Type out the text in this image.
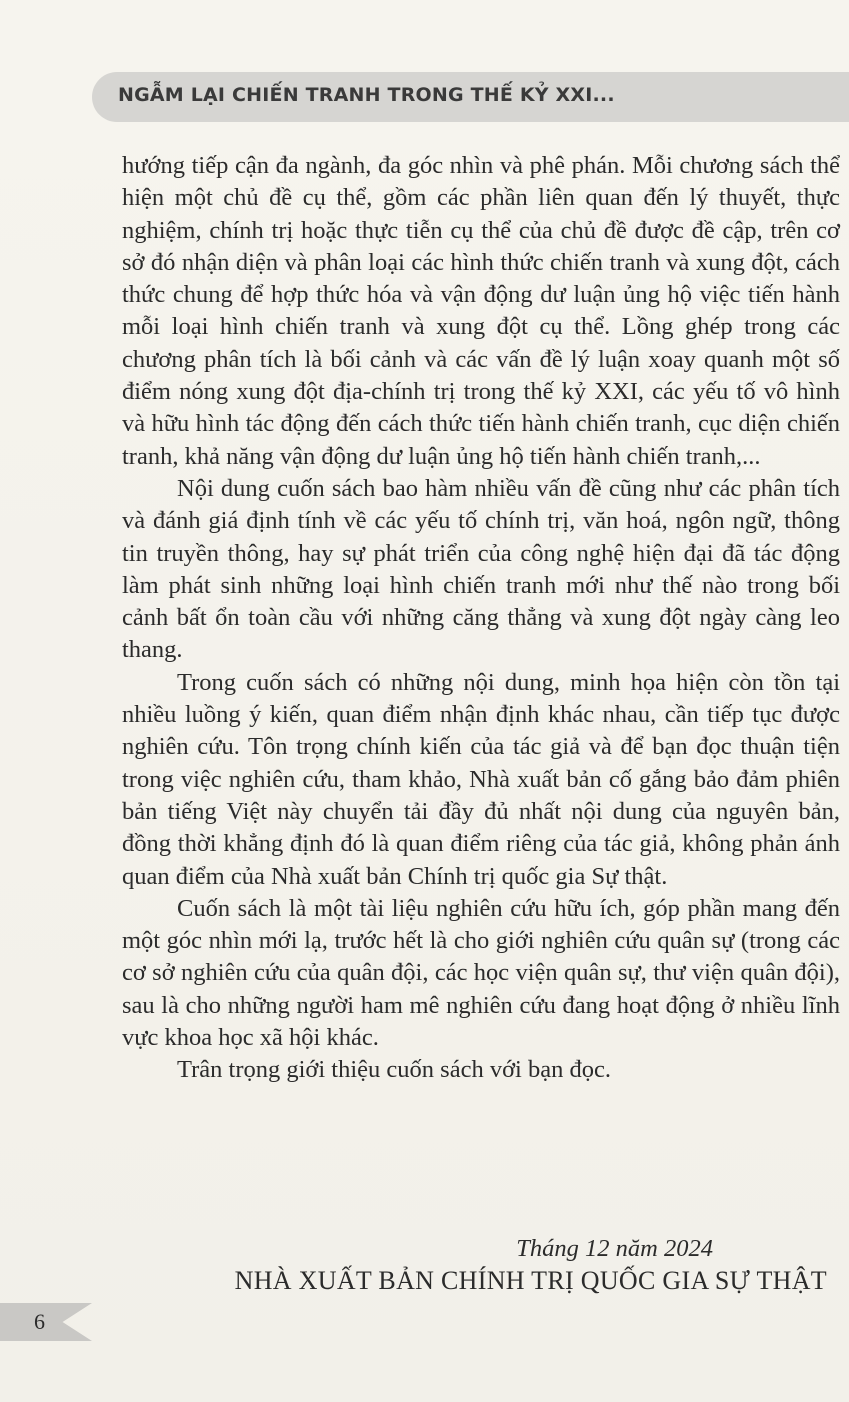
NGẪM LẠI CHIẾN TRANH TRONG THẾ KỶ XXI...

hướng tiếp cận đa ngành, đa góc nhìn và phê phán. Mỗi chương sách thể hiện một chủ đề cụ thể, gồm các phần liên quan đến lý thuyết, thực nghiệm, chính trị hoặc thực tiễn cụ thể của chủ đề được đề cập, trên cơ sở đó nhận diện và phân loại các hình thức chiến tranh và xung đột, cách thức chung để hợp thức hóa và vận động dư luận ủng hộ việc tiến hành mỗi loại hình chiến tranh và xung đột cụ thể. Lồng ghép trong các chương phân tích là bối cảnh và các vấn đề lý luận xoay quanh một số điểm nóng xung đột địa-chính trị trong thế kỷ XXI, các yếu tố vô hình và hữu hình tác động đến cách thức tiến hành chiến tranh, cục diện chiến tranh, khả năng vận động dư luận ủng hộ tiến hành chiến tranh,...

Nội dung cuốn sách bao hàm nhiều vấn đề cũng như các phân tích và đánh giá định tính về các yếu tố chính trị, văn hoá, ngôn ngữ, thông tin truyền thông, hay sự phát triển của công nghệ hiện đại đã tác động làm phát sinh những loại hình chiến tranh mới như thế nào trong bối cảnh bất ổn toàn cầu với những căng thẳng và xung đột ngày càng leo thang.

Trong cuốn sách có những nội dung, minh họa hiện còn tồn tại nhiều luồng ý kiến, quan điểm nhận định khác nhau, cần tiếp tục được nghiên cứu. Tôn trọng chính kiến của tác giả và để bạn đọc thuận tiện trong việc nghiên cứu, tham khảo, Nhà xuất bản cố gắng bảo đảm phiên bản tiếng Việt này chuyển tải đầy đủ nhất nội dung của nguyên bản, đồng thời khẳng định đó là quan điểm riêng của tác giả, không phản ánh quan điểm của Nhà xuất bản Chính trị quốc gia Sự thật.

Cuốn sách là một tài liệu nghiên cứu hữu ích, góp phần mang đến một góc nhìn mới lạ, trước hết là cho giới nghiên cứu quân sự (trong các cơ sở nghiên cứu của quân đội, các học viện quân sự, thư viện quân đội), sau là cho những người ham mê nghiên cứu đang hoạt động ở nhiều lĩnh vực khoa học xã hội khác.

Trân trọng giới thiệu cuốn sách với bạn đọc.

Tháng 12 năm 2024
NHÀ XUẤT BẢN CHÍNH TRỊ QUỐC GIA SỰ THẬT
6
